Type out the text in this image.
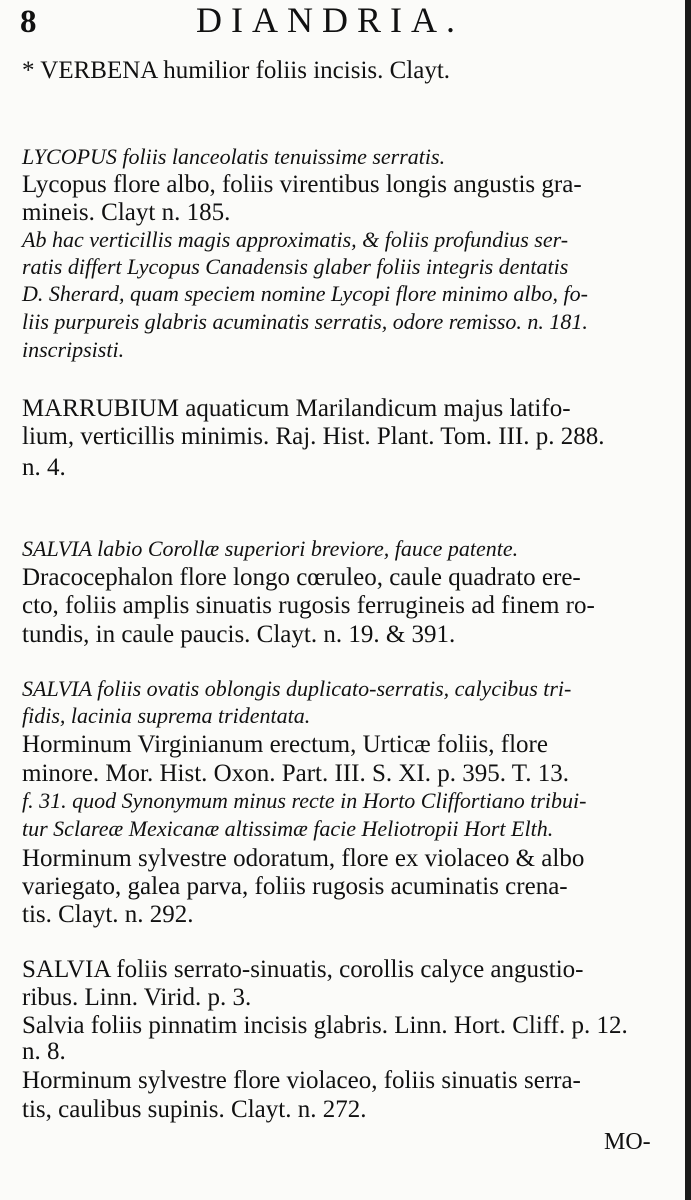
8	DIANDRIA.
* VERBENA humilior foliis incisis. Clayt.
LYCOPUS foliis lanceolatis tenuissime serratis.
Lycopus flore albo, foliis virentibus longis angustis gra-
mineis. Clayt n. 185.
Ab hac verticillis magis approximatis, & foliis profundius ser-
ratis differt Lycopus Canadensis glaber foliis integris dentatis
D. Sherard, quam speciem nomine Lycopi flore minimo albo, fo-
liis purpureis glabris acuminatis serratis, odore remisso. n. 181.
inscripsisti.
MARRUBIUM aquaticum Marilandicum majus latifo-
lium, verticillis minimis. Raj. Hist. Plant. Tom. III. p. 288.
n. 4.
SALVIA labio Corollæ superiori breviore, fauce patente.
Dracocephalon flore longo cœruleo, caule quadrato ere-
cto, foliis amplis sinuatis rugosis ferrugineis ad finem ro-
tundis, in caule paucis. Clayt. n. 19. & 391.
SALVIA foliis ovatis oblongis duplicato-serratis, calycibus tri-
fidis, lacinia suprema tridentata.
Horminum Virginianum erectum, Urticæ foliis, flore
minore. Mor. Hist. Oxon. Part. III. S. XI. p. 395. T. 13.
f. 31. quod Synonymum minus recte in Horto Cliffortiano tribui-
tur Sclareæ Mexicanæ altissimæ facie Heliotropii Hort Elth.
Horminum sylvestre odoratum, flore ex violaceo & albo
variegato, galea parva, foliis rugosis acuminatis crena-
tis. Clayt. n. 292.
SALVIA foliis serrato-sinuatis, corollis calyce angustio-
ribus. Linn. Virid. p. 3.
Salvia foliis pinnatim incisis glabris. Linn. Hort. Cliff. p. 12.
n. 8.
Horminum sylvestre flore violaceo, foliis sinuatis serra-
tis, caulibus supinis. Clayt. n. 272.
MO-
